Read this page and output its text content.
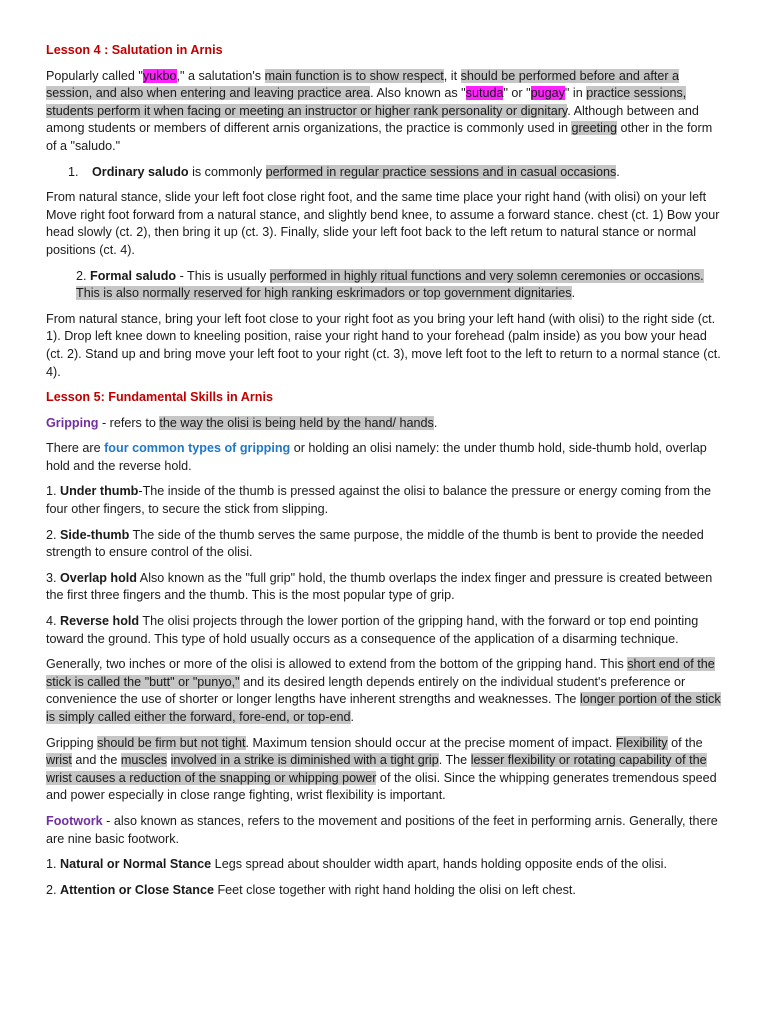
Lesson 4 : Salutation in Arnis

Popularly called "yukbo," a salutation's main function is to show respect, it should be performed before and after a session, and also when entering and leaving practice area. Also known as "sutuda" or "pugay" in practice sessions, students perform it when facing or meeting an instructor or higher rank personality or dignitary. Although between and among students or members of different arnis organizations, the practice is commonly used in greeting other in the form of a "saludo."

1. Ordinary saludo is commonly performed in regular practice sessions and in casual occasions.

From natural stance, slide your left foot close right foot, and the same time place your right hand (with olisi) on your left Move right foot forward from a natural stance, and slightly bend knee, to assume a forward stance. chest (ct. 1) Bow your head slowly (ct. 2), then bring it up (ct. 3). Finally, slide your left foot back to the left retum to natural stance or normal positions (ct. 4).

2. Formal saludo - This is usually performed in highly ritual functions and very solemn ceremonies or occasions. This is also normally reserved for high ranking eskrimadors or top government dignitaries.

From natural stance, bring your left foot close to your right foot as you bring your left hand (with olisi) to the right side (ct. 1). Drop left knee down to kneeling position, raise your right hand to your forehead (palm inside) as you bow your head (ct. 2). Stand up and bring move your left foot to your right (ct. 3), move left foot to the left to return to a normal stance (ct. 4).

Lesson 5: Fundamental Skills in Arnis

Gripping - refers to the way the olisi is being held by the hand/ hands.

There are four common types of gripping or holding an olisi namely: the under thumb hold, side-thumb hold, overlap hold and the reverse hold.

1. Under thumb-The inside of the thumb is pressed against the olisi to balance the pressure or energy coming from the four other fingers, to secure the stick from slipping.

2. Side-thumb The side of the thumb serves the same purpose, the middle of the thumb is bent to provide the needed strength to ensure control of the olisi.

3. Overlap hold Also known as the "full grip" hold, the thumb overlaps the index finger and pressure is created between the first three fingers and the thumb. This is the most popular type of grip.

4. Reverse hold The olisi projects through the lower portion of the gripping hand, with the forward or top end pointing toward the ground. This type of hold usually occurs as a consequence of the application of a disarming technique.

Generally, two inches or more of the olisi is allowed to extend from the bottom of the gripping hand. This short end of the stick is called the "butt" or "punyo," and its desired length depends entirely on the individual student's preference or convenience the use of shorter or longer lengths have inherent strengths and weaknesses. The longer portion of the stick is simply called either the forward, fore-end, or top-end.

Gripping should be firm but not tight. Maximum tension should occur at the precise moment of impact. Flexibility of the wrist and the muscles involved in a strike is diminished with a tight grip. The lesser flexibility or rotating capability of the wrist causes a reduction of the snapping or whipping power of the olisi. Since the whipping generates tremendous speed and power especially in close range fighting, wrist flexibility is important.

Footwork - also known as stances, refers to the movement and positions of the feet in performing arnis. Generally, there are nine basic footwork.

1. Natural or Normal Stance Legs spread about shoulder width apart, hands holding opposite ends of the olisi.

2. Attention or Close Stance Feet close together with right hand holding the olisi on left chest.
